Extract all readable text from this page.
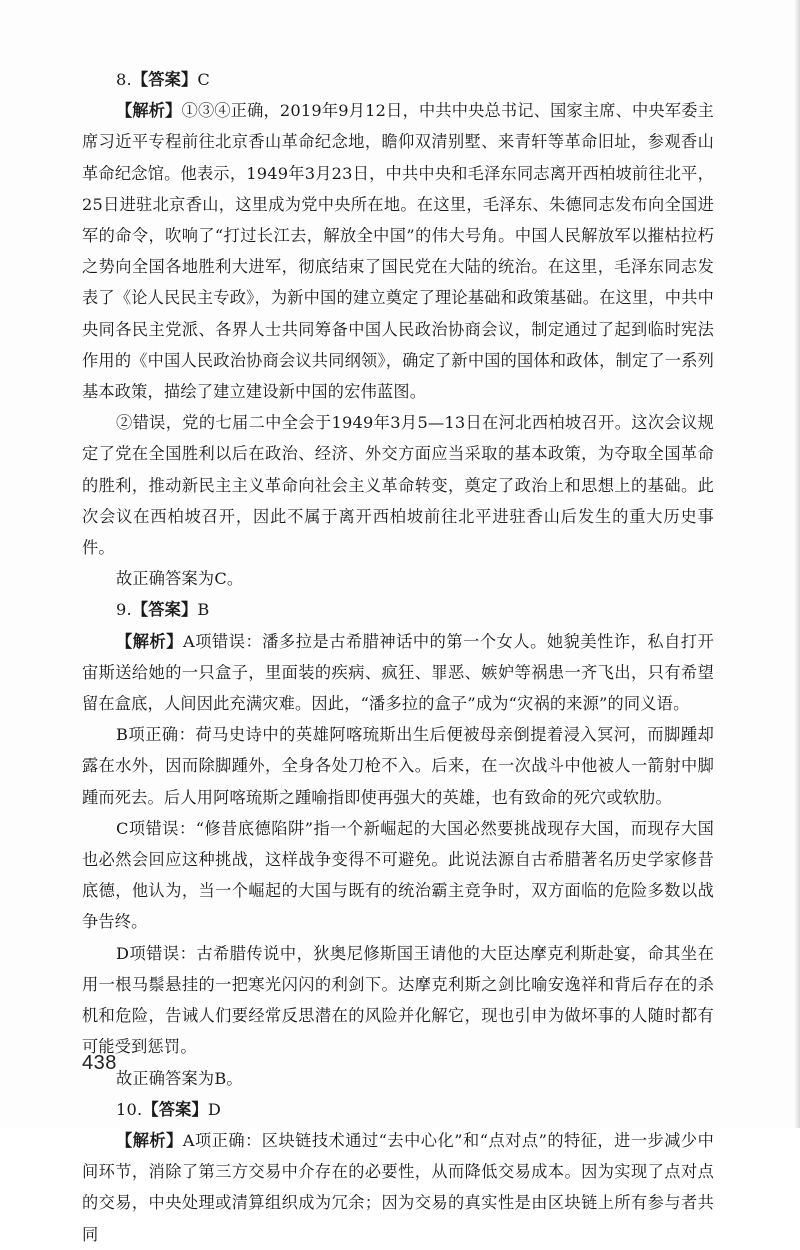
8.【答案】C

【解析】①③④正确，2019年9月12日，中共中央总书记、国家主席、中央军委主席习近平专程前往北京香山革命纪念地，瞻仰双清别墅、来青轩等革命旧址，参观香山革命纪念馆。他表示，1949年3月23日，中共中央和毛泽东同志离开西柏坡前往北平，25日进驻北京香山，这里成为党中央所在地。在这里，毛泽东、朱德同志发布向全国进军的命令，吹响了“打过长江去，解放全中国”的伟大号角。中国人民解放军以摧枯拉朽之势向全国各地胜利大进军，彻底结束了国民党在大陆的统治。在这里，毛泽东同志发表了《论人民民主专政》，为新中国的建立奠定了理论基础和政策基础。在这里，中共中央同各民主党派、各界人士共同筹备中国人民政治协商会议，制定通过了起到临时宪法作用的《中国人民政治协商会议共同纲领》，确定了新中国的国体和政体，制定了一系列基本政策，描绘了建立建设新中国的宏伟蓝图。

②错误，党的七届二中全会于1949年3月5—13日在河北西柏坡召开。这次会议规定了党在全国胜利以后在政治、经济、外交方面应当采取的基本政策，为夺取全国革命的胜利，推动新民主主义革命向社会主义革命转变，奠定了政治上和思想上的基础。此次会议在西柏坡召开，因此不属于离开西柏坡前往北平进驻香山后发生的重大历史事件。

故正确答案为C。

9.【答案】B

【解析】A项错误：潘多拉是古希腊神话中的第一个女人。她貌美性诈，私自打开宙斯送给她的一只盒子，里面装的疾病、疯狂、罪恶、嫉妒等祸患一齐飞出，只有希望留在盒底，人间因此充满灾难。因此，“潘多拉的盒子”成为“灾祸的来源”的同义语。

B项正确：荷马史诗中的英雄阿喀琉斯出生后便被母亲倒提着浸入冥河，而脚踵却露在水外，因而除脚踵外，全身各处刀枪不入。后来，在一次战斗中他被人一箭射中脚踵而死去。后人用阿喀琉斯之踵喻指即使再强大的英雄，也有致命的死穴或软肋。

C项错误：“修昔底德陷阱”指一个新崛起的大国必然要挑战现存大国，而现存大国也必然会回应这种挑战，这样战争变得不可避免。此说法源自古希腊著名历史学家修昔底德，他认为，当一个崛起的大国与既有的统治霸主竞争时，双方面临的危险多数以战争告终。

D项错误：古希腊传说中，狄奥尼修斯国王请他的大臣达摩克利斯赴宴，命其坐在用一根马鬃悬挂的一把寒光闪闪的利剑下。达摩克利斯之剑比喻安逸祥和背后存在的杀机和危险，告诫人们要经常反思潜在的风险并化解它，现也引申为做坏事的人随时都有可能受到惩罚。

故正确答案为B。

10.【答案】D

【解析】A项正确：区块链技术通过“去中心化”和“点对点”的特征，进一步减少中间环节，消除了第三方交易中介存在的必要性，从而降低交易成本。因为实现了点对点的交易，中央处理或清算组织成为冗余；因为交易的真实性是由区块链上所有参与者共同

438
